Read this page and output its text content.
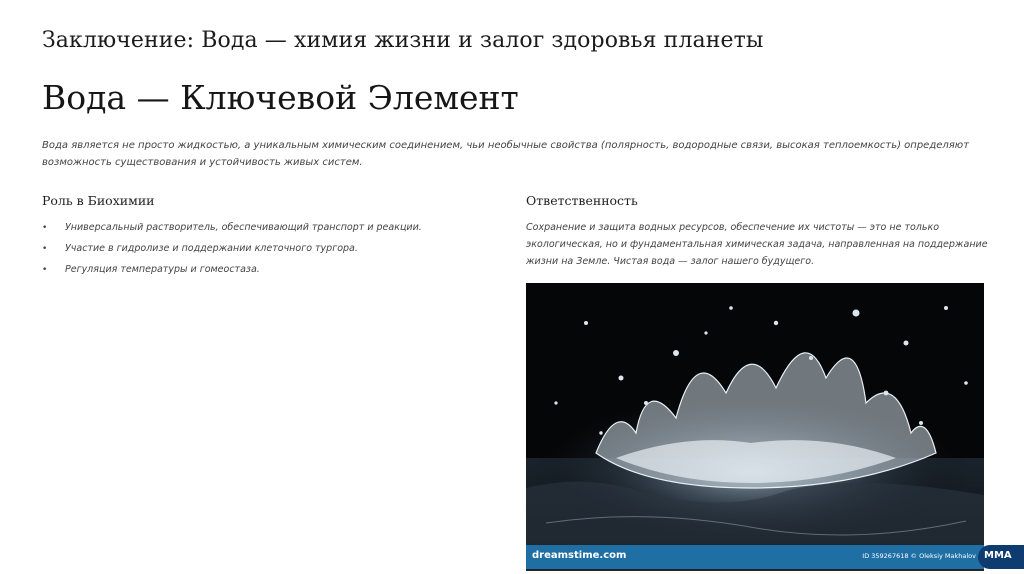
Заключение: Вода — химия жизни и залог здоровья планеты
Вода — Ключевой Элемент
Вода является не просто жидкостью, а уникальным химическим соединением, чьи необычные свойства (полярность, водородные связи, высокая теплоемкость) определяют возможность существования и устойчивость живых систем.
Роль в Биохимии
• Универсальный растворитель, обеспечивающий транспорт и реакции.
• Участие в гидролизе и поддержании клеточного тургора.
• Регуляция температуры и гомеостаза.
Ответственность
Сохранение и защита водных ресурсов, обеспечение их чистоты — это не только экологическая, но и фундаментальная химическая задача, направленная на поддержание жизни на Земле. Чистая вода — залог нашего будущего.
dreamstime.com	ID 359267618 © Oleksiy Makhalov MMA
